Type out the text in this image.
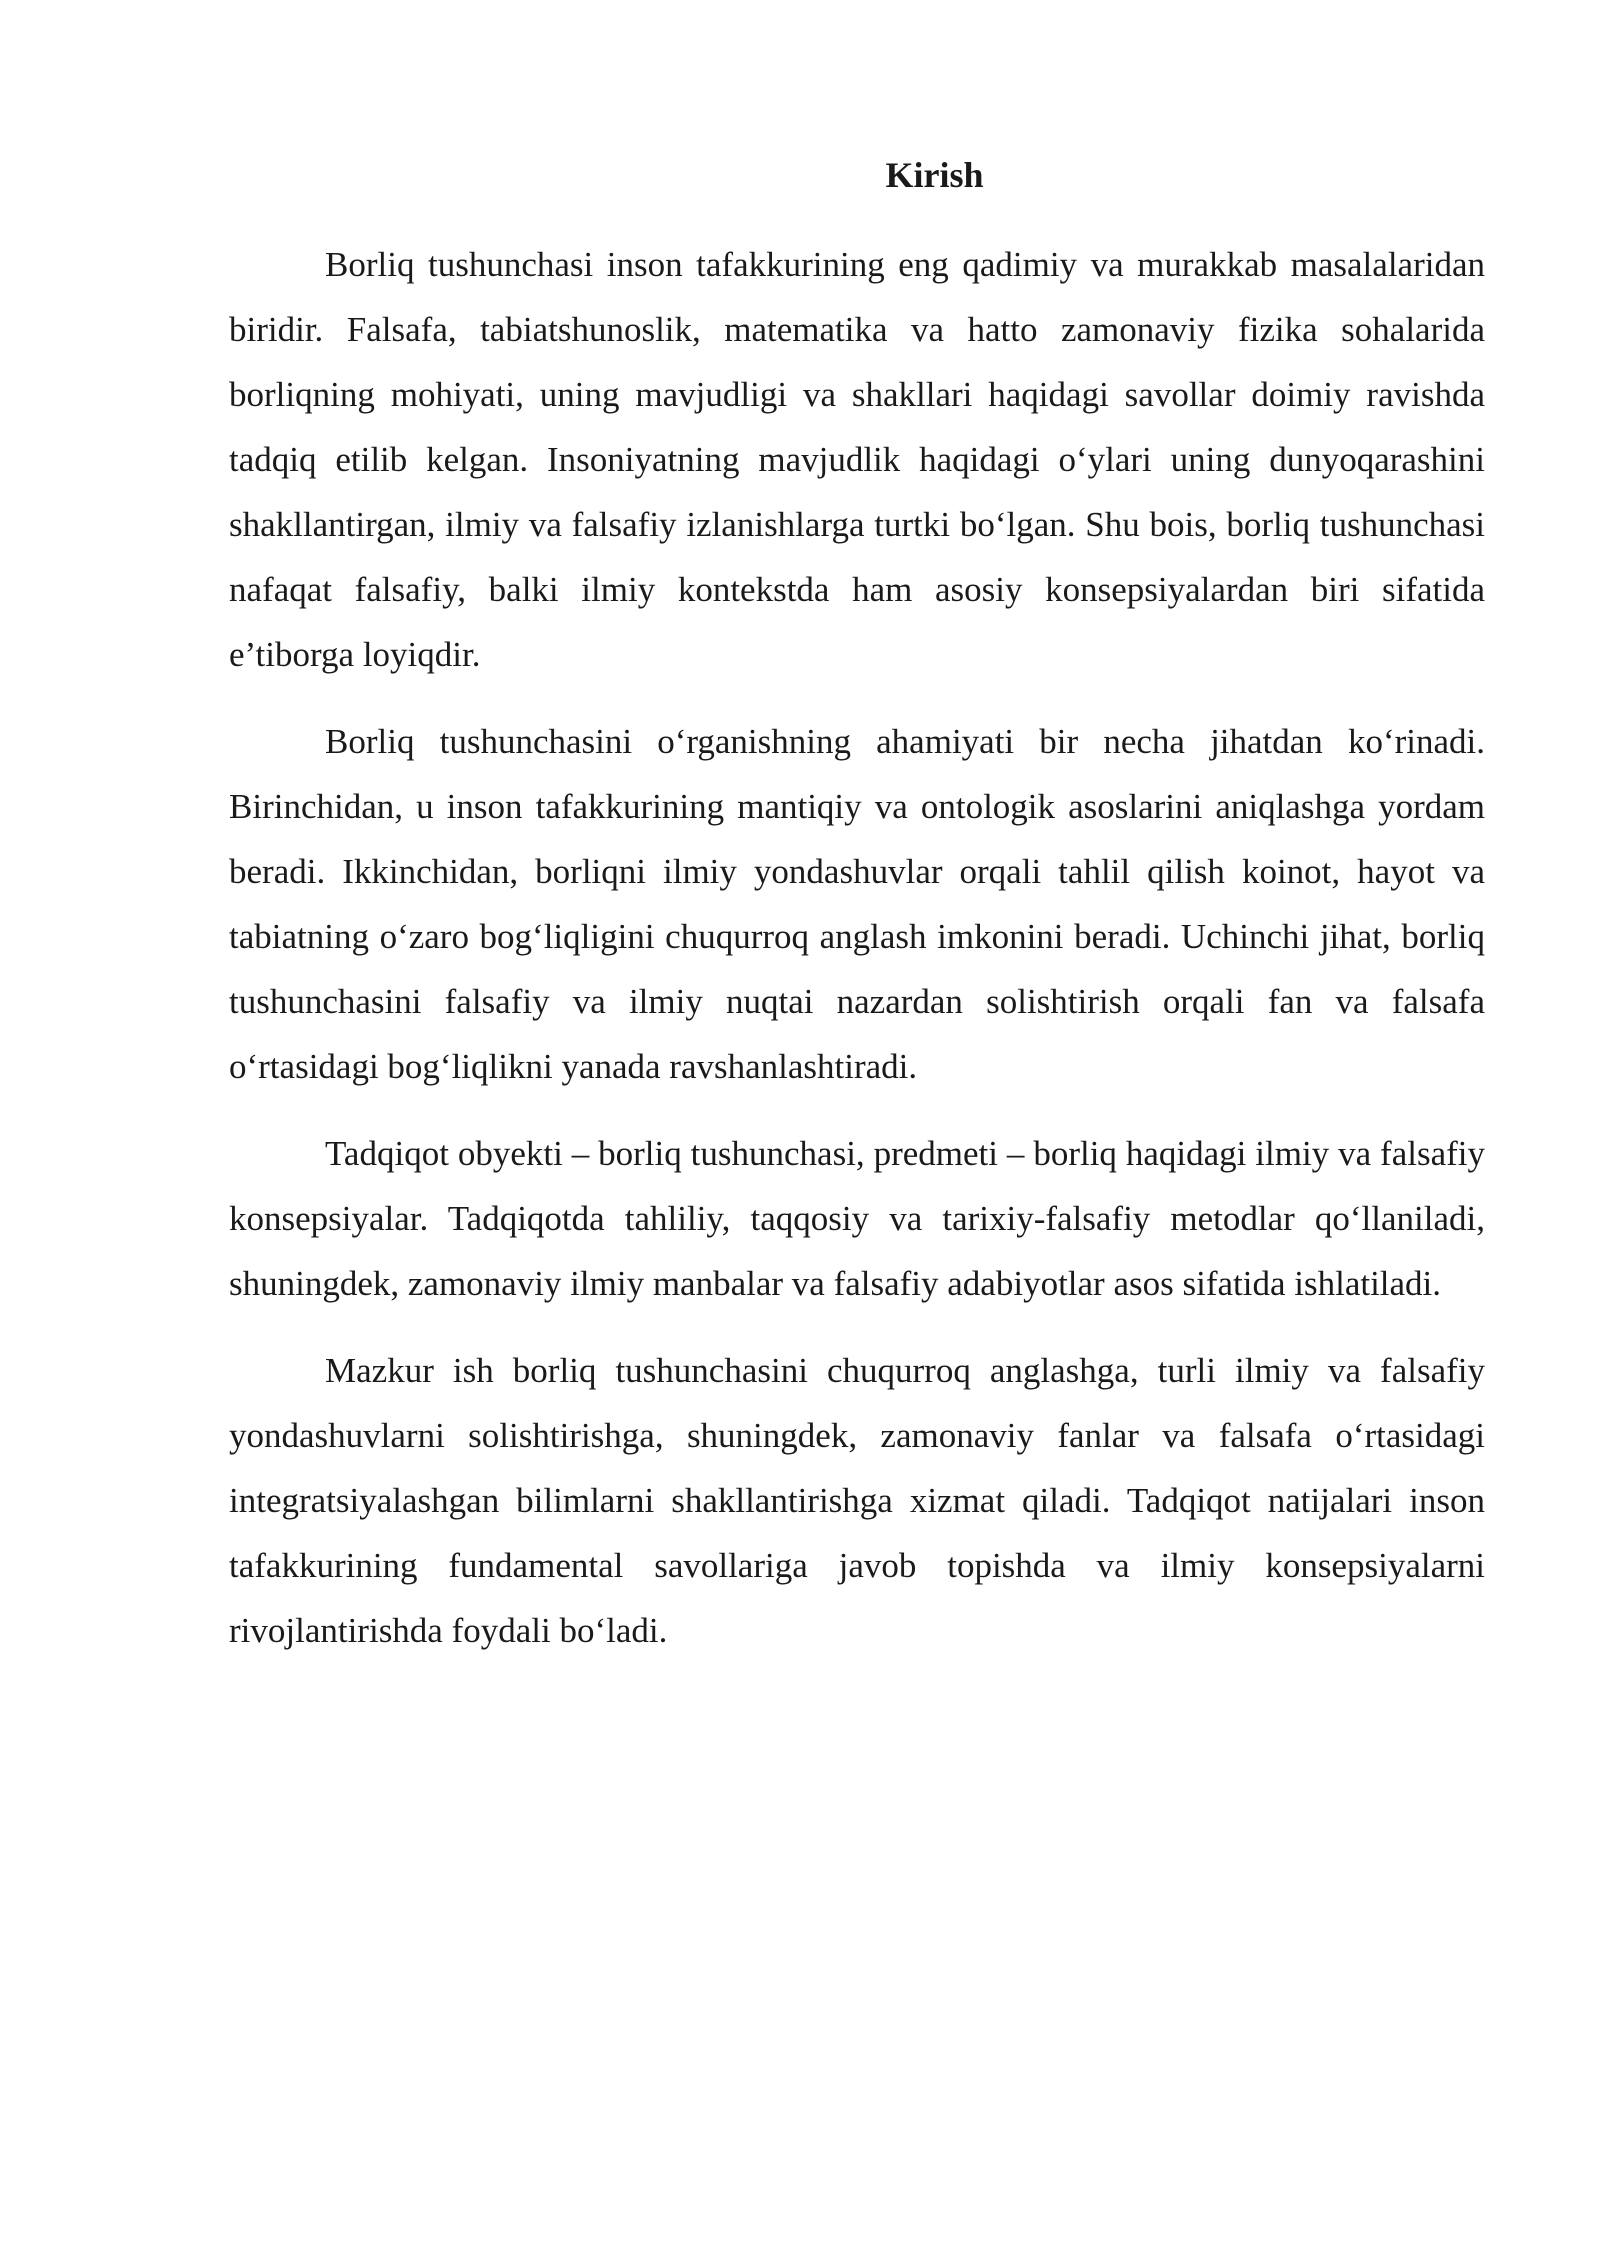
Kirish

Borliq tushunchasi inson tafakkurining eng qadimiy va murakkab masalalaridan biridir. Falsafa, tabiatshunoslik, matematika va hatto zamonaviy fizika sohalarida borliqning mohiyati, uning mavjudligi va shakllari haqidagi savollar doimiy ravishda tadqiq etilib kelgan. Insoniyatning mavjudlik haqidagi o‘ylari uning dunyoqarashini shakllantirgan, ilmiy va falsafiy izlanishlarga turtki bo‘lgan. Shu bois, borliq tushunchasi nafaqat falsafiy, balki ilmiy kontekstda ham asosiy konsepsiyalardan biri sifatida e’tiborga loyiqdir.

Borliq tushunchasini o‘rganishning ahamiyati bir necha jihatdan ko‘rinadi. Birinchidan, u inson tafakkurining mantiqiy va ontologik asoslarini aniqlashga yordam beradi. Ikkinchidan, borliqni ilmiy yondashuvlar orqali tahlil qilish koinot, hayot va tabiatning o‘zaro bog‘liqligini chuqurroq anglash imkonini beradi. Uchinchi jihat, borliq tushunchasini falsafiy va ilmiy nuqtai nazardan solishtirish orqali fan va falsafa o‘rtasidagi bog‘liqlikni yanada ravshanlashtiradi.

Tadqiqot obyekti – borliq tushunchasi, predmeti – borliq haqidagi ilmiy va falsafiy konsepsiyalar. Tadqiqotda tahliliy, taqqosiy va tarixiy-falsafiy metodlar qo‘llaniladi, shuningdek, zamonaviy ilmiy manbalar va falsafiy adabiyotlar asos sifatida ishlatiladi.

Mazkur ish borliq tushunchasini chuqurroq anglashga, turli ilmiy va falsafiy yondashuvlarni solishtirishga, shuningdek, zamonaviy fanlar va falsafa o‘rtasidagi integratsiyalashgan bilimlarni shakllantirishga xizmat qiladi. Tadqiqot natijalari inson tafakkurining fundamental savollariga javob topishda va ilmiy konsepsiyalarni rivojlantirishda foydali bo‘ladi.
